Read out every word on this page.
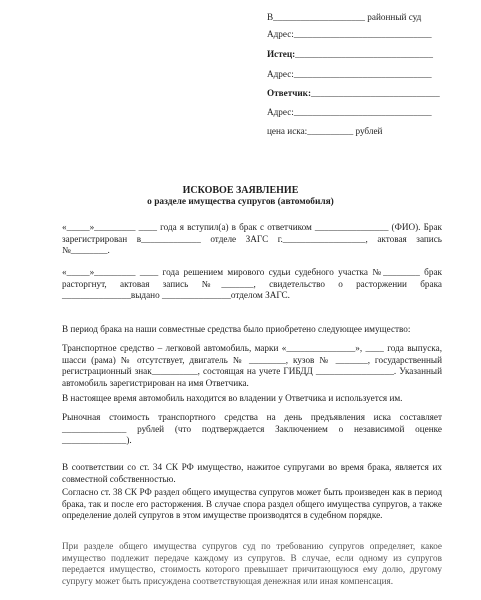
В____________________ районный суд
Адрес:______________________________
Истец:______________________________
Адрес:______________________________
Ответчик:____________________________
Адрес:______________________________
цена иска:__________ рублей
ИСКОВОЕ ЗАЯВЛЕНИЕ
о разделе имущества супругов (автомобиля)
«_____»_________ ____ года я вступил(а) в брак с ответчиком ________________ (ФИО). Брак зарегистрирован в_____________ отделе ЗАГС г.__________________, актовая запись №________.
«_____»_________ ____ года решением мирового судьи судебного участка №________ брак расторгнут, актовая запись №_______, свидетельство о расторжении брака _______________выдано _______________отделом ЗАГС.
В период брака на наши совместные средства было приобретено следующее имущество:
Транспортное средство – легковой автомобиль, марки «_______________», ____ года выпуска, шасси (рама) № отсутствует, двигатель № ________, кузов № _______, государственный регистрационный знак__________, состоящая на учете ГИБДД _________________. Указанный автомобиль зарегистрирован на имя Ответчика.
В настоящее время автомобиль находится во владении у Ответчика и используется им.
Рыночная стоимость транспортного средства на день предъявления иска составляет ______________ рублей (что подтверждается Заключением о независимой оценке ______________).
В соответствии со ст. 34 СК РФ имущество, нажитое супругами во время брака, является их совместной собственностью.
Согласно ст. 38 СК РФ раздел общего имущества супругов может быть произведен как в период брака, так и после его расторжения. В случае спора раздел общего имущества супругов, а также определение долей супругов в этом имуществе производятся в судебном порядке.
При разделе общего имущества супругов суд по требованию супругов определяет, какое имущество подлежит передаче каждому из супругов. В случае, если одному из супругов передается имущество, стоимость которого превышает причитающуюся ему долю, другому супругу может быть присуждена соответствующая денежная или иная компенсация.
